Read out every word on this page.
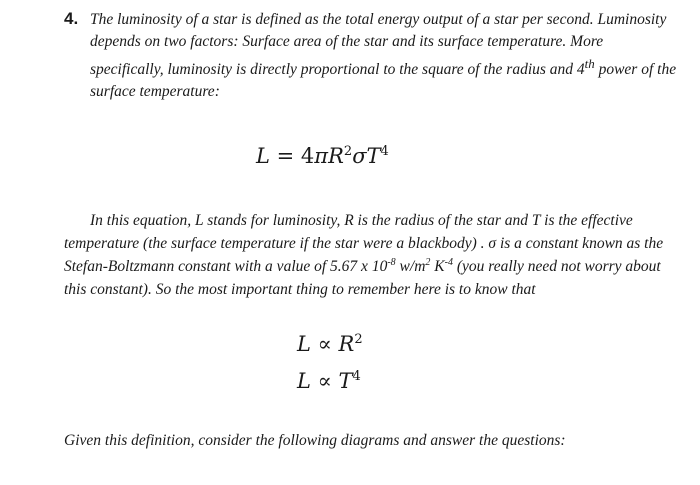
4. The luminosity of a star is defined as the total energy output of a star per second. Luminosity depends on two factors: Surface area of the star and its surface temperature. More specifically, luminosity is directly proportional to the square of the radius and 4th power of the surface temperature:

$L = 4\pi R^2\sigma T^4$

In this equation, L stands for luminosity, R is the radius of the star and T is the effective temperature (the surface temperature if the star were a blackbody) . σ is a constant known as the Stefan-Boltzmann constant with a value of 5.67 x $10^{-8}$ $w/m^2$ $K^{-4}$ (you really need not worry about this constant). So the most important thing to remember here is to know that

$L \propto R^2$
$L \propto T^4$

Given this definition, consider the following diagrams and answer the questions:
